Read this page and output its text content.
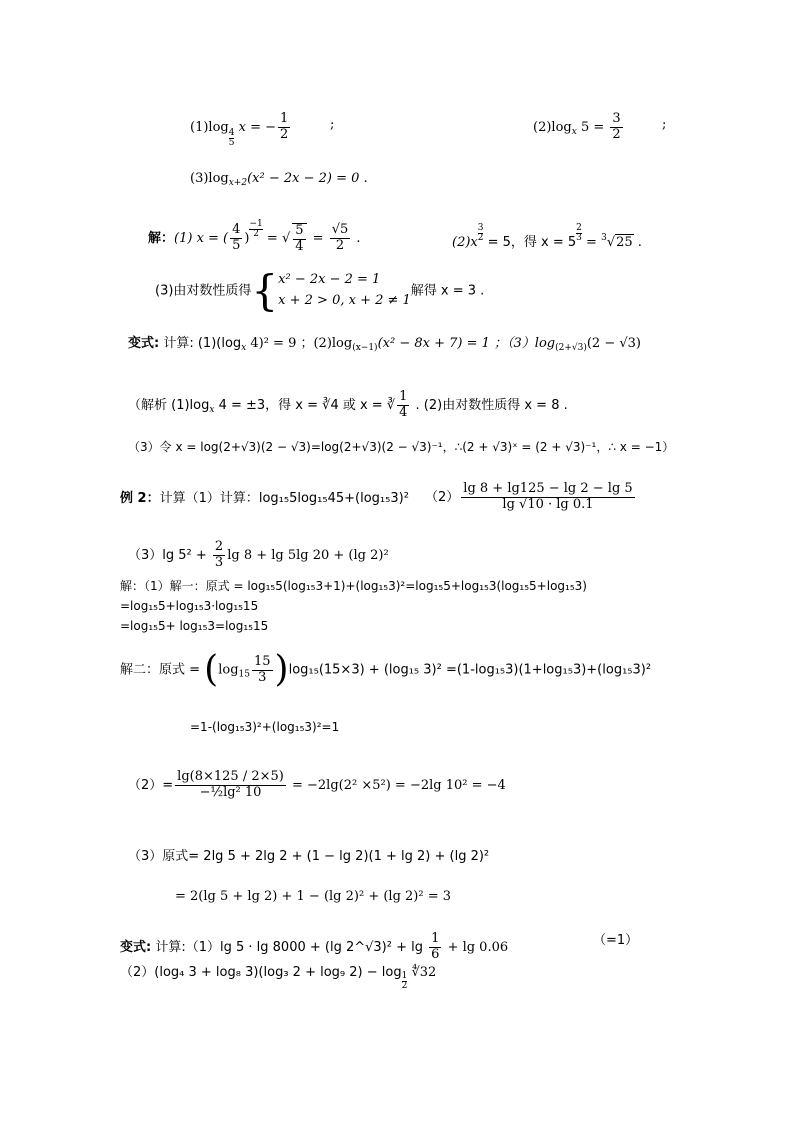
(1)log
$\frac{4}{5}$
x = − $\frac{1}{2}$	;	$(2)\log_x$ $5 = \frac{3}{2}$	;
$(3)\log_{x+2}(x^2 - 2x - 2) = 0$ .
解：(1) x = ( $\frac{4}{5}$ ) $\frac{-1}{2}$ = √ $\frac{5}{4} = \frac{√5}{2}$ .	$(2)x \frac{3}{2} = 5$，得 $x = 5 \frac{2}{3} = ^3√25$ .
(3)由对数性质得{ x² − 2x − 2 = 1
x + 2 > 0, x + 2 ≠ 1
解得 x = 3 .
变式: 计算: $(1)(\log_x$ 4)² = 9 ；$(2)\log_{(x-1)}(x^2 - 8x + 7) = 1$ ；$(3)\log_{(2+√3)}(2 - √3)$
（解析 $(1)\log_x$ 4 = ±3，得 x = ∛4 或 x = ∛ $\frac{1}{4}$ . (2)由对数性质得 x = 8 .
（3）令 x = log(2+√3)(2 − √3)=log(2+√3)(2 − √3)⁻¹，∴(2 + √3)ˣ = (2 + √3)⁻¹，∴ x = −1）
例 2：计算（1）计算：log₁₅5log₁₅45+(log₁₅3)² $(2) \frac{\lg 8 + \lg 125 - \lg 2 - \lg 5}{\lg √10 \cdot \lg 0.1}$
（3）lg $5^2 + \frac{2}{3}$ lg 8 + lg 5lg 20 + (lg 2)²
解：（1）解一：原式 = log₁₅5(log₁₅3+1)+(log₁₅3)²=log₁₅5+log₁₅3(log₁₅5+log₁₅3)
=log₁₅5+log₁₅3·log₁₅15
=log₁₅5+ log₁₅3=log₁₅15
解二：原式 = $(\log_{15} \frac{15}{3} )\log_{15}(15\times 3) + (\log_{15}$ 3)² =(1-log₁₅3)(1+log₁₅3)+(log₁₅3)²
=1-(log₁₅3)²+(log₁₅3)²=1
$(2)= \frac{\lg(8\times 125 / 2\times 5)}{\text{−½lg² 10}} = -2\lg(2^2 \times 5^2) = -2\lg$ 10² = −4
（3）原式= 2lg 5 + 2lg 2 + (1 − lg 2)(1 + lg 2) + (lg 2)²
= 2(lg 5 + lg 2) + 1 − (lg 2)² + (lg 2)² = 3
变式: 计算:（1）lg 5 · lg 8000 + (lg 2^√3)² + $\lg \frac{1}{6} + \lg 0.06$	（=1）
（2）(log₄ 3 + log₈ 3)(log₃ 2 + log₉ $2) - \log \frac{1}{2}$ ∜32
